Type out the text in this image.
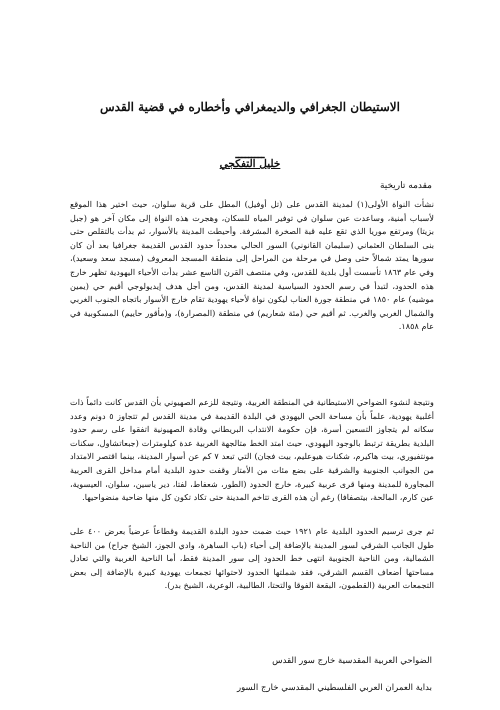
الاستيطان الجغرافي والديمغرافي وأخطاره في قضية القدس
ـــــــــ
خليل التفكجي
مقدمه تاريخية
نشأت النواة الأولى(١) لمدينة القدس على (تل أوفيل) المطل على قرية سلوان، حيث اختير هذا الموقع لأسباب أمنية، وساعدت عين سلوان في توفير المياه للسكان، وهجرت هذه النواة إلى مكان آخر هو (جبل بزيتا) ومرتفع موريا الذي تقع عليه قبة الصخرة المشرفة. وأحيطت المدينة بالأسوار، ثم بدأت بالتقلص حتى بنى السلطان العثماني (سليمان القانوني) السور الحالي محدداً حدود القدس القديمة جغرافيا بعد أن كان سورها يمتد شمالاً حتى وصل في مرحلة من المراحل إلى منطقة المسجد المعروف (مسجد سعد وسعيد)، وفي عام ١٨٦٣ تأسست أول بلدية للقدس، وفي منتصف القرن التاسع عشر بدأت الأحياء اليهودية تظهر خارج هذه الحدود، لتبدأ في رسم الحدود السياسية لمدينة القدس، ومن أجل هدف إيديولوجي أقيم حي (يمين موشيه) عام ١٨٥٠ في منطقة جورة العناب ليكون نواة لأحياء يهودية تقام خارج الأسوار باتجاه الجنوب الغربي والشمال الغربي والغرب. ثم أقيم حي (مئة شعاريم) في منطقة (المصرارة)، و(مأقور حاييم) المسكوبية في عام ١٨٥٨.
ونتيجة لنشوء الضواحي الاستيطانية في المنطقة الغربية، ونتيجة للزعم الصهيوني بأن القدس كانت دائماً ذات أغلبية يهودية، علماً بأن مساحة الحي اليهودي في البلدة القديمة في مدينة القدس لم تتجاوز ٥ دونم وعدد سكانه لم يتجاوز التسعين أسرة، فإن حكومة الانتداب البريطاني وقادة الصهيونية اتفقوا على رسم حدود البلدية بطريقة ترتبط بالوجود اليهودي، حيث امتد الخط متالجهة الغربية عدة كيلومترات (جبعاتشاول، سكنات مونتفيوري، بيت هاكيرم، شكنات هيوعليم، بيت فجان) التي تبعد ٧ كم عن أسوار المدينة، بينما اقتصر الامتداد من الجوانب الجنوبية والشرقية على بضع مئات من الأمتار وقفت حدود البلدية أمام مداخل القرى العربية المجاورة للمدينة ومنها قرى عربية كبيرة، خارج الحدود (الطور، شعفاط، لفتا، دير ياسين، سلوان، العيسوية، عين كارم، المالحة، بيتصفافا) رغم أن هذه القرى تتاخم المدينة حتى تكاد تكون كل منها ضاحية منضواحيها.
ثم جرى ترسيم الحدود البلدية عام ١٩٢١ حيث ضمت حدود البلدة القديمة وقطاعاً عرضياً بعرض ٤٠٠ على طول الجانب الشرقي لسور المدينة بالإضافة إلى أحياء (باب الساهرة، وادي الجوز، الشيخ جراح) من الناحية الشمالية، ومن الناحية الجنوبية انتهى خط الحدود إلى سور المدينة فقط، أما الناحية الغربية والتي تعادل مساحتها أضعاف القسم الشرقي، فقد شملتها الحدود لاحتوائها تجمعات يهودية كبيرة بالإضافة إلى بعض التجمعات العربية (القطمون، البقعة الفوقا والتحتا، الطالبية، الوعرية، الشيخ بدر).
الضواحي العربية المقدسية خارج سور القدس
بداية العمران العربي الفلسطيني المقدسي خارج السور
